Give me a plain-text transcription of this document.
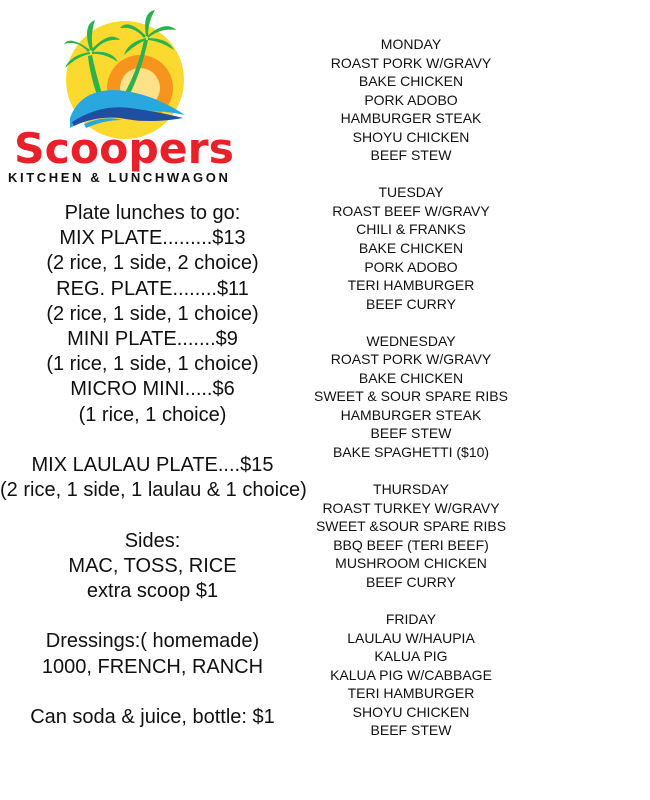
Scoopers
KITCHEN & LUNCHWAGON
Plate lunches to go:
MIX PLATE.........$13
(2 rice, 1 side, 2 choice)
REG. PLATE........$11
(2 rice, 1 side, 1 choice)
MINI PLATE.......$9
(1 rice, 1 side, 1 choice)
MICRO MINI.....$6
(1 rice, 1 choice)
MIX LAULAU PLATE....$15
(2 rice, 1 side, 1 laulau & 1 choice)
Sides:
MAC, TOSS, RICE
extra scoop $1
Dressings:( homemade)
1000, FRENCH, RANCH
Can soda & juice, bottle: $1
MONDAY
ROAST PORK W/GRAVY
BAKE CHICKEN
PORK ADOBO
HAMBURGER STEAK
SHOYU CHICKEN
BEEF STEW
TUESDAY
ROAST BEEF W/GRAVY
CHILI & FRANKS
BAKE CHICKEN
PORK ADOBO
TERI HAMBURGER
BEEF CURRY
WEDNESDAY
ROAST PORK W/GRAVY
BAKE CHICKEN
SWEET & SOUR SPARE RIBS
HAMBURGER STEAK
BEEF STEW
BAKE SPAGHETTI ($10)
THURSDAY
ROAST TURKEY W/GRAVY
SWEET &SOUR SPARE RIBS
BBQ BEEF (TERI BEEF)
MUSHROOM CHICKEN
BEEF CURRY
FRIDAY
LAULAU W/HAUPIA
KALUA PIG
KALUA PIG W/CABBAGE
TERI HAMBURGER
SHOYU CHICKEN
BEEF STEW
